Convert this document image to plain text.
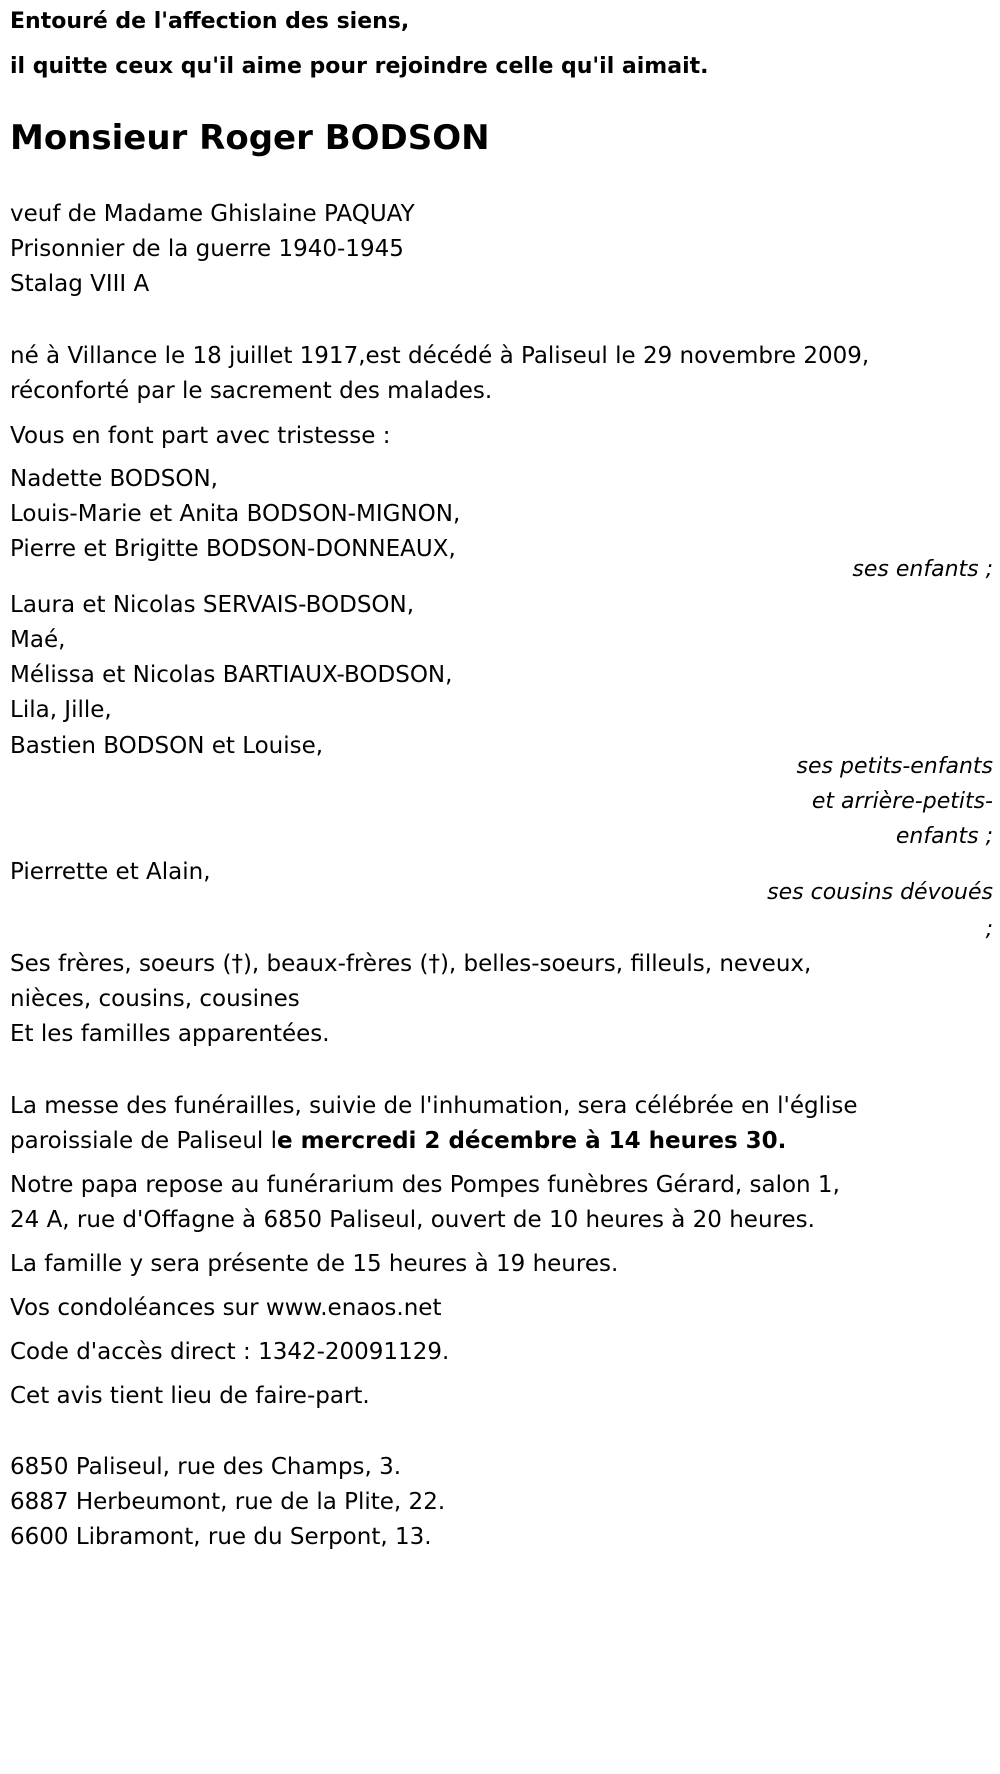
Entouré de l'affection des siens,
il quitte ceux qu'il aime pour rejoindre celle qu'il aimait.
Monsieur Roger BODSON
veuf de Madame Ghislaine PAQUAY
Prisonnier de la guerre 1940-1945
Stalag VIII A
né à Villance le 18 juillet 1917,est décédé à Paliseul le 29 novembre 2009,
réconforté par le sacrement des malades.
Vous en font part avec tristesse :
Nadette BODSON,
Louis-Marie et Anita BODSON-MIGNON,
Pierre et Brigitte BODSON-DONNEAUX,
ses enfants ;
Laura et Nicolas SERVAIS-BODSON,
Maé,
Mélissa et Nicolas BARTIAUX-BODSON,
Lila, Jille,
Bastien BODSON et Louise,
ses petits-enfants
et arrière-petits-
enfants ;
Pierrette et Alain,
ses cousins dévoués
;
Ses frères, soeurs (†), beaux-frères (†), belles-soeurs, filleuls, neveux,
nièces, cousins, cousines
Et les familles apparentées.
La messe des funérailles, suivie de l'inhumation, sera célébrée en l'église
paroissiale de Paliseul le mercredi 2 décembre à 14 heures 30.
Notre papa repose au funérarium des Pompes funèbres Gérard, salon 1,
24 A, rue d'Offagne à 6850 Paliseul, ouvert de 10 heures à 20 heures.
La famille y sera présente de 15 heures à 19 heures.
Vos condoléances sur www.enaos.net
Code d'accès direct : 1342-20091129.
Cet avis tient lieu de faire-part.
6850 Paliseul, rue des Champs, 3.
6887 Herbeumont, rue de la Plite, 22.
6600 Libramont, rue du Serpont, 13.
